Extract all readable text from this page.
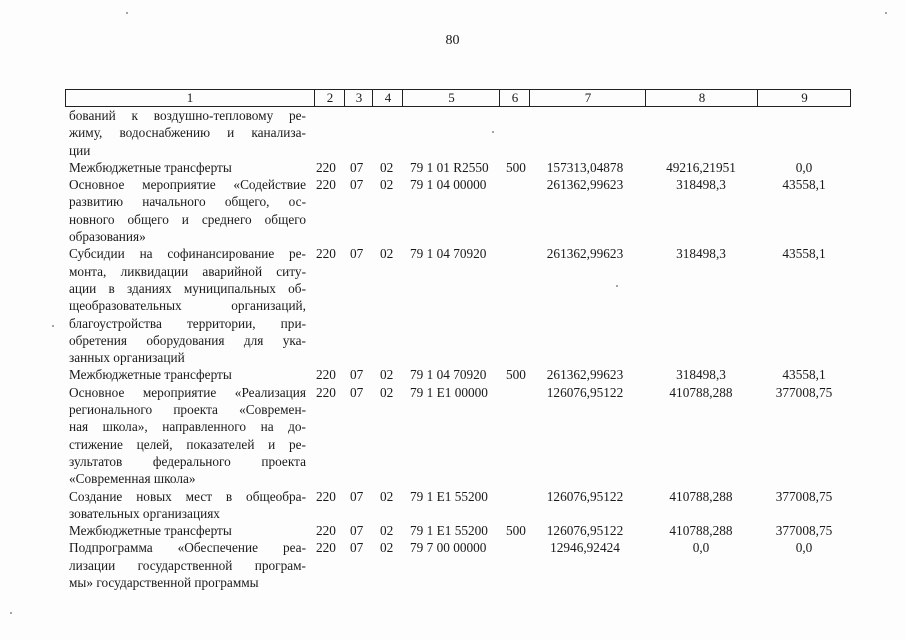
80
1	2	3	4	5	6	7	8	9
бований к воздушно-тепловому ре-
жиму, водоснабжению и канализа-
ции
Межбюджетные трансферты	220 07 02 79 1 01 R2550 500	157313,04878	49216,21951	0,0
Основное мероприятие «Содействие
развитию начального общего, ос-
новного общего и среднего общего
образования»
220 07 02 79 1 04 00000	261362,99623	318498,3	43558,1
Субсидии на софинансирование ре-
монта, ликвидации аварийной ситу-
ации в зданиях муниципальных об-
щеобразовательных организаций,
благоустройства территории, при-
обретения оборудования для ука-
занных организаций
220 07 02 79 1 04 70920	261362,99623	318498,3	43558,1
Межбюджетные трансферты	220 07 02 79 1 04 70920 500	261362,99623	318498,3	43558,1
Основное мероприятие «Реализация
регионального проекта «Современ-
ная школа», направленного на до-
стижение целей, показателей и ре-
зультатов федерального проекта
«Современная школа»
220 07 02 79 1 E1 00000	126076,95122	410788,288	377008,75
Создание новых мест в общеобра-
зовательных организациях
220 07 02 79 1 E1 55200	126076,95122	410788,288	377008,75
Межбюджетные трансферты	220 07 02 79 1 E1 55200 500	126076,95122	410788,288	377008,75
Подпрограмма «Обеспечение реа-
лизации государственной програм-
мы» государственной программы
220 07 02 79 7 00 00000	12946,92424	0,0	0,0
